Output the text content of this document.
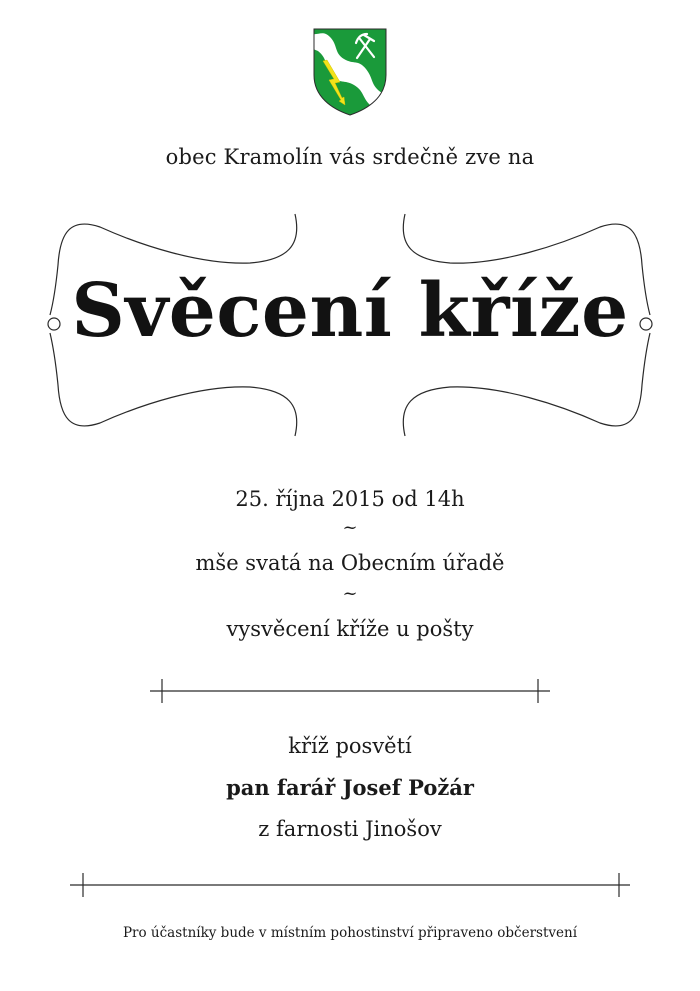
obec Kramolín vás srdečně zve na
Svěcení kříže
25. října 2015 od 14h
~
mše svatá na Obecním úřadě
~
vysvěcení kříže u pošty
kříž posvětí
pan farář Josef Požár
z farnosti Jinošov
Pro účastníky bude v místním pohostinství připraveno občerstvení
